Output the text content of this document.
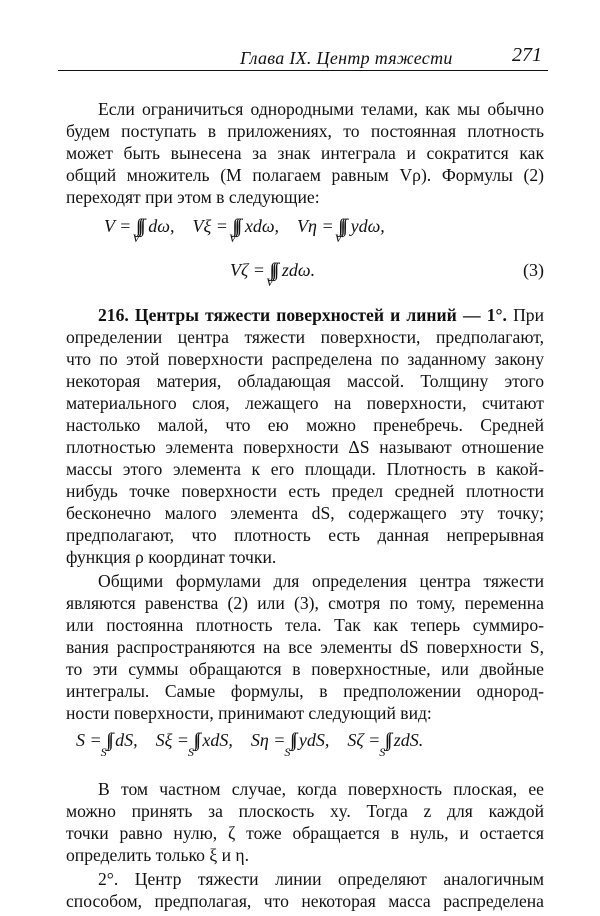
Глава IX. Центр тяжести	271
Если ограничиться однородными телами, как мы обычно
будем поступать в приложениях, то постоянная плотность
может быть вынесена за знак интеграла и сократится как
общий множитель (M полагаем равным Vρ). Формулы (2)
переходят при этом в следующие:
$V = \int\int\int_V$ dω, $V\xi = \int\int\int_V$ xdω, $V\eta = \int\int\int_V$ ydω,
$V\zeta = \int\int\int_V$ zdω.	(3)
216. Центры тяжести поверхностей и линий — 1°. При
определении центра тяжести поверхности, предполагают,
что по этой поверхности распределена по заданному закону
некоторая материя, обладающая массой. Толщину этого
материального слоя, лежащего на поверхности, считают
настолько малой, что ею можно пренебречь. Средней
плотностью элемента поверхности ΔS называют отношение
массы этого элемента к его площади. Плотность в какой-
нибудь точке поверхности есть предел средней плотности
бесконечно малого элемента dS, содержащего эту точку;
предполагают, что плотность есть данная непрерывная
функция ρ координат точки.
Общими формулами для определения центра тяжести
являются равенства (2) или (3), смотря по тому, переменна
или постоянна плотность тела. Так как теперь суммиро-
вания распространяются на все элементы dS поверхности S,
то эти суммы обращаются в поверхностные, или двойные
интегралы. Самые формулы, в предположении однород-
ности поверхности, принимают следующий вид:
$S = \int\int_S$ dS, $S\xi = \int\int_S$ xdS, $S\eta = \int\int_S$ ydS, $S\zeta = \int\int_S$ zdS.
В том частном случае, когда поверхность плоская, ее
можно принять за плоскость xy. Тогда z для каждой
точки равно нулю, ζ тоже обращается в нуль, и остается
определить только ξ и η.
2°. Центр тяжести линии определяют аналогичным
способом, предполагая, что некоторая масса распределена
